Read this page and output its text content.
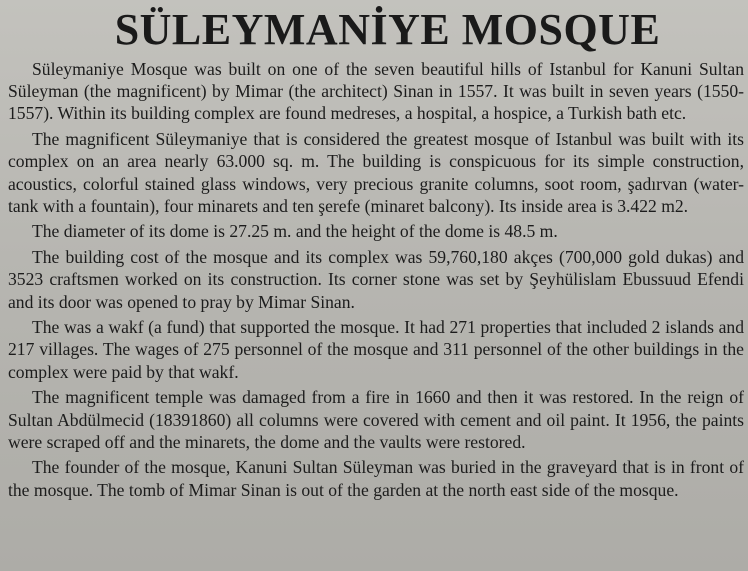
SÜLEYMANİYE MOSQUE

Süleymaniye Mosque was built on one of the seven beautiful hills of Istanbul for Kanuni Sultan Süleyman (the magnificent) by Mimar (the architect) Sinan in 1557. It was built in seven years (1550-1557). Within its building complex are found medreses, a hospital, a hospice, a Turkish bath etc.

The magnificent Süleymaniye that is considered the greatest mosque of Istanbul was built with its complex on an area nearly 63.000 sq. m. The building is conspicuous for its simple construction, acoustics, colorful stained glass windows, very precious granite columns, soot room, şadırvan (water-tank with a fountain), four minarets and ten şerefe (minaret balcony). Its inside area is 3.422 m2.

The diameter of its dome is 27.25 m. and the height of the dome is 48.5 m.

The building cost of the mosque and its complex was 59,760,180 akçes (700,000 gold dukas) and 3523 craftsmen worked on its construction. Its corner stone was set by Şeyhülislam Ebussuud Efendi and its door was opened to pray by Mimar Sinan.

The was a wakf (a fund) that supported the mosque. It had 271 properties that included 2 islands and 217 villages. The wages of 275 personnel of the mosque and 311 personnel of the other buildings in the complex were paid by that wakf.

The magnificent temple was damaged from a fire in 1660 and then it was restored. In the reign of Sultan Abdülmecid (18391860) all columns were covered with cement and oil paint. It 1956, the paints were scraped off and the minarets, the dome and the vaults were restored.

The founder of the mosque, Kanuni Sultan Süleyman was buried in the graveyard that is in front of the mosque. The tomb of Mimar Sinan is out of the garden at the north east side of the mosque.
